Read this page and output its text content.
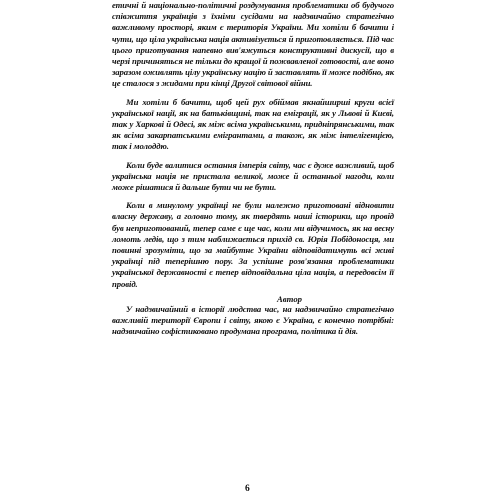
етичні й національно-політичні роздумування проблематики об будучого співжиття українців з їхніми сусідами на надзвичайно стратегічно важливому просторі, яким є територія України. Ми хотіли б бачити і чути, що ціла українська нація активізується й приготовляється. Під час цього приготування напевно вив'яжуться конструктивні дискусії, що в черзі причиняться не тільки до кращої й пожвавленої готовості, але воно заразом оживлять цілу українську націю й заставлять її може подібно, як це сталося з жидами при кінці Другої світової війни.

Ми хотіли б бачити, щоб цей рух обіймав якнайширші круги всієї української нації, як на батьківщині, так на еміграції, як у Львові й Києві, так у Харкові й Одесі, як між всіма українськими, придніпрянськими, так як всіма закарпатськими емігрантами, а також, як між інтелігенцією, так і молоддю.

Коли буде валитися остання імперія світу, час є дуже важливий, щоб українська нація не пристала великої, може й останньої нагоди, коли може рішатися й дальше бути чи не бути.

Коли в минулому українці не були належно приготовані відновити власну державу, а головно тому, як твердять наші історики, що провід був неприготований, тепер саме є ще час, коли ми відучимось, як на весну ломоть ледів, що з тим наближається прихід св. Юрія Побідоносця, ми повинні зрозуміти, що за майбутнє України відповідатимуть всі живі українці під теперішню пору. За успішне розв'язання проблематики української державності є тепер відповідальна ціла нація, а передовсім її провід.

У надзвичайний в історії людства час, на надзвичайно стратегічно важливій території Європи і світу, якою є Україна, є конечно потрібні: надзвичайно софістиковано продумана програма, політика й дія.

Автор
6
